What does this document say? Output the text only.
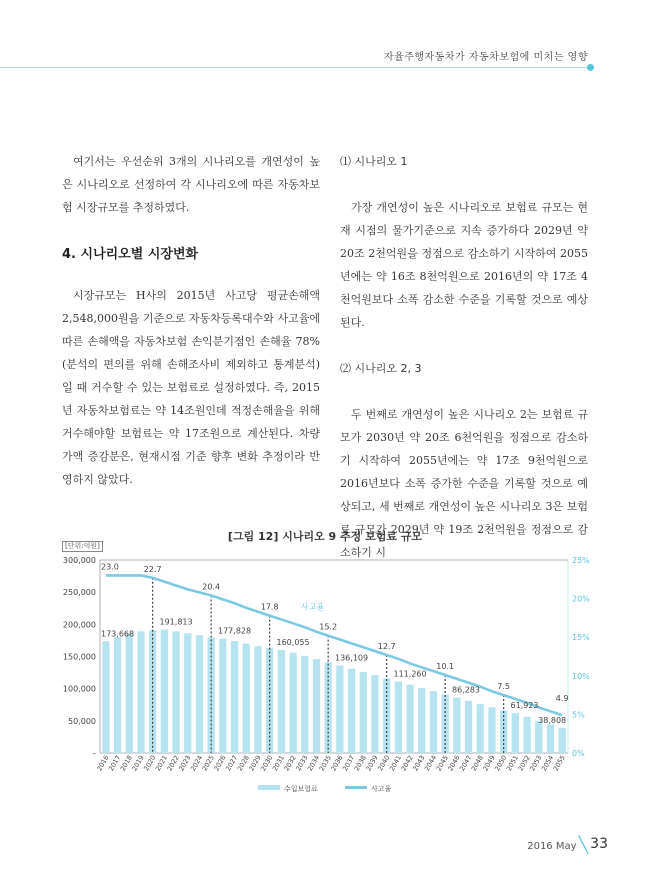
자율주행자동차가 자동차보험에 미치는 영향

여기서는 우선순위 3개의 시나리오를 개연성이 높은 시나리오로 선정하여 각 시나리오에 따른 자동차보험 시장규모를 추정하였다.

4. 시나리오별 시장변화

시장규모는 H사의 2015년 사고당 평균손해액 2,548,000원을 기준으로 자동차등록대수와 사고율에 따른 손해액을 자동차보험 손익분기점인 손해율 78%(분석의 편의를 위해 손해조사비 제외하고 통계분석)일 때 거수할 수 있는 보험료로 설정하였다. 즉, 2015년 자동차보험료는 약 14조원인데 적정손해율을 위해 거수해야할 보험료는 약 17조원으로 계산된다. 차량가액 증감분은, 현재시점 기준 향후 변화 추정이라 반영하지 않았다.

⑴ 시나리오 1

가장 개연성이 높은 시나리오로 보험료 규모는 현재 시점의 물가기준으로 지속 증가하다 2029년 약 20조 2천억원을 정점으로 감소하기 시작하여 2055년에는 약 16조 8천억원으로 2016년의 약 17조 4천억원보다 소폭 감소한 수준을 기록할 것으로 예상된다.

⑵ 시나리오 2, 3

두 번째로 개연성이 높은 시나리오 2는 보험료 규모가 2030년 약 20조 6천억원을 정점으로 감소하기 시작하여 2055년에는 약 17조 9천억원으로 2016년보다 소폭 증가한 수준을 기록할 것으로 예상되고, 세 번째로 개연성이 높은 시나리오 3은 보험료 규모가 2029년 약 19조 2천억원을 정점으로 감소하기 시

[그림 12] 시나리오 9 추정 보험료 규모
[단위:억원]
300,000
250,000
200,000
150,000
100,000
50,000
–
25%
20%
15%
10%
5%
0%
173,668
191,813
177,828
160,055
136,109
111,260
86,283
61,923
38,808
23.0	22.7
20.4
17.8
15.2
12.7
10.1
7.5
4.9
사고율
2016
2017
2018
2019
2020
2021
2022
2023
2024
2025
2026
2027
2028
2029
2030
2031
2032
2033
2034
2035
2036
2037
2038
2039
2040
2041
2042
2043
2044
2045
2046
2047
2048
2049
2050
2051
2052
2053
2054
2055
수입보험료	사고율
2016 May ╲ 33
